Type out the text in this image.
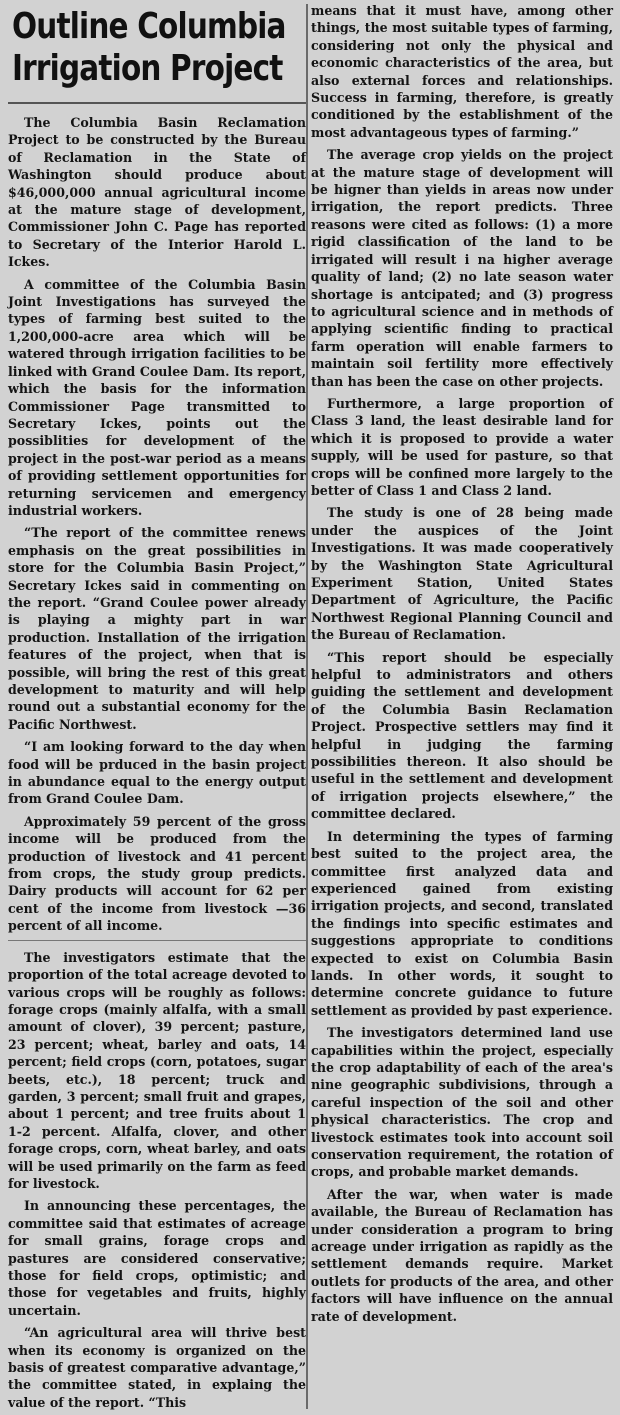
Outline Columbia
Irrigation Project

The Columbia Basin Reclamation Project to be constructed by the Bureau of Reclamation in the State of Washington should produce about $46,000,000 annual agricultural income at the mature stage of development, Commissioner John C. Page has reported to Secretary of the Interior Harold L. Ickes.

A committee of the Columbia Basin Joint Investigations has surveyed the types of farming best suited to the 1,200,000-acre area which will be watered through irrigation facilities to be linked with Grand Coulee Dam. Its report, which the basis for the information Commissioner Page transmitted to Secretary Ickes, points out the possiblities for development of the project in the post-war period as a means of providing settlement opportunities for returning servicemen and emergency industrial workers.

“The report of the committee renews emphasis on the great possibilities in store for the Columbia Basin Project,” Secretary Ickes said in commenting on the report. “Grand Coulee power already is playing a mighty part in war production. Installation of the irrigation features of the project, when that is possible, will bring the rest of this great development to maturity and will help round out a substantial economy for the Pacific Northwest.

“I am looking forward to the day when food will be prduced in the basin project in abundance equal to the energy output from Grand Coulee Dam.

Approximately 59 percent of the gross income will be produced from the production of livestock and 41 percent from crops, the study group predicts. Dairy products will account for 62 per cent of the income from livestock —36 percent of all income.

The investigators estimate that the proportion of the total acreage devoted to various crops will be roughly as follows: forage crops (mainly alfalfa, with a small amount of clover), 39 percent; pasture, 23 percent; wheat, barley and oats, 14 percent; field crops (corn, potatoes, sugar beets, etc.), 18 percent; truck and garden, 3 percent; small fruit and grapes, about 1 percent; and tree fruits about 1 1-2 percent. Alfalfa, clover, and other forage crops, corn, wheat barley, and oats will be used primarily on the farm as feed for livestock.

In announcing these percentages, the committee said that estimates of acreage for small grains, forage crops and pastures are considered conservative; those for field crops, optimistic; and those for vegetables and fruits, highly uncertain.

“An agricultural area will thrive best when its economy is organized on the basis of greatest comparative advantage,” the committee stated, in explaing the value of the report. “This

means that it must have, among other things, the most suitable types of farming, considering not only the physical and economic characteristics of the area, but also external forces and relationships. Success in farming, therefore, is greatly conditioned by the establishment of the most advantageous types of farming.”

The average crop yields on the project at the mature stage of development will be higner than yields in areas now under irrigation, the report predicts. Three reasons were cited as follows: (1) a more rigid classification of the land to be irrigated will result i na higher average quality of land; (2) no late season water shortage is antcipated; and (3) progress to agricultural science and in methods of applying scientific finding to practical farm operation will enable farmers to maintain soil fertility more effectively than has been the case on other projects.

Furthermore, a large proportion of Class 3 land, the least desirable land for which it is proposed to provide a water supply, will be used for pasture, so that crops will be confined more largely to the better of Class 1 and Class 2 land.

The study is one of 28 being made under the auspices of the Joint Investigations. It was made cooperatively by the Washington State Agricultural Experiment Station, United States Department of Agriculture, the Pacific Northwest Regional Planning Council and the Bureau of Reclamation.

“This report should be especially helpful to administrators and others guiding the settlement and development of the Columbia Basin Reclamation Project. Prospective settlers may find it helpful in judging the farming possibilities thereon. It also should be useful in the settlement and development of irrigation projects elsewhere,” the committee declared.

In determining the types of farming best suited to the project area, the committee first analyzed data and experienced gained from existing irrigation projects, and second, translated the findings into specific estimates and suggestions appropriate to conditions expected to exist on Columbia Basin lands. In other words, it sought to determine concrete guidance to future settlement as provided by past experience.

The investigators determined land use capabilities within the project, especially the crop adaptability of each of the area's nine geographic subdivisions, through a careful inspection of the soil and other physical characteristics. The crop and livestock estimates took into account soil conservation requirement, the rotation of crops, and probable market demands.

After the war, when water is made available, the Bureau of Reclamation has under consideration a program to bring acreage under irrigation as rapidly as the settlement demands require. Market outlets for products of the area, and other factors will have influence on the annual rate of development.
